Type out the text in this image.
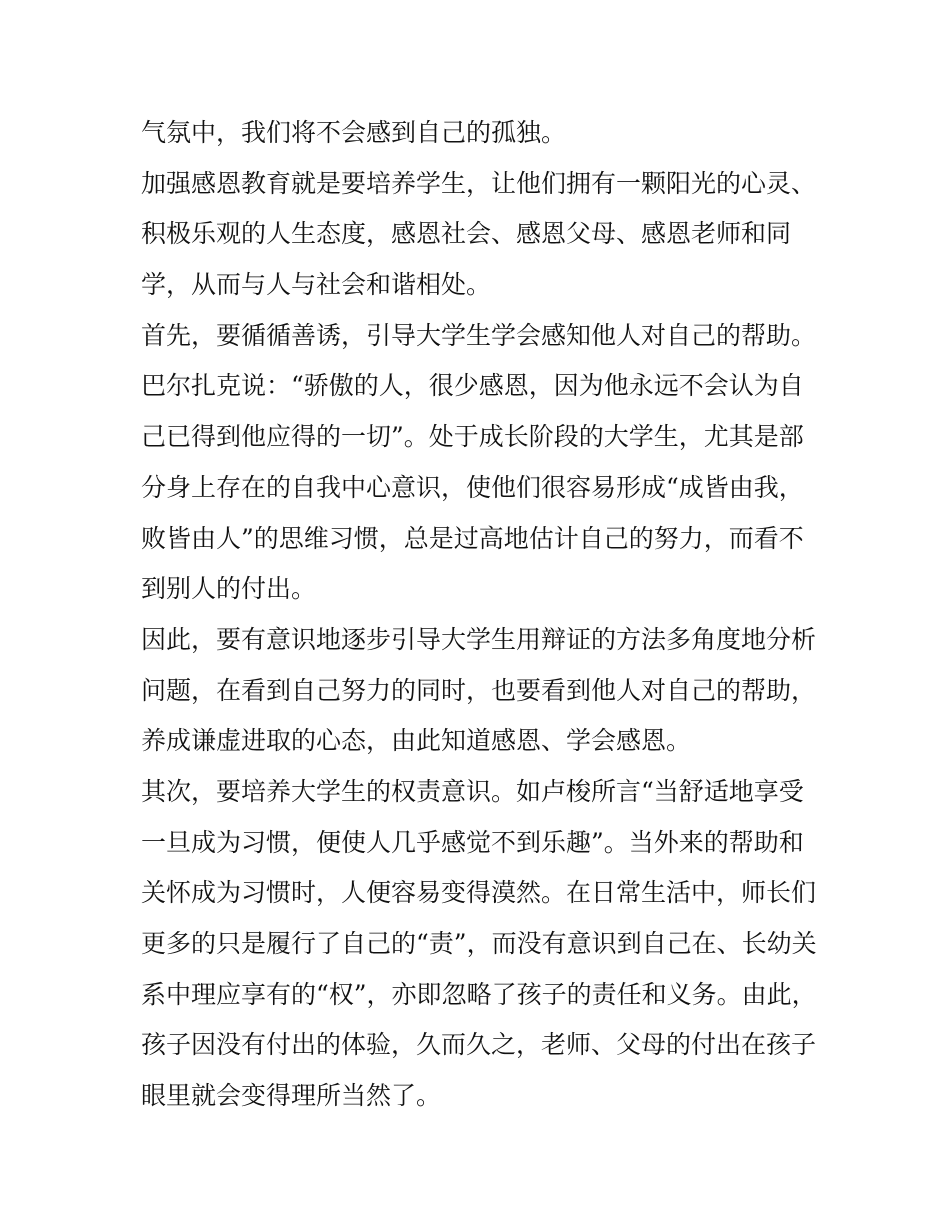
气氛中，我们将不会感到自己的孤独。
加强感恩教育就是要培养学生，让他们拥有一颗阳光的心灵、
积极乐观的人生态度，感恩社会、感恩父母、感恩老师和同
学，从而与人与社会和谐相处。
首先，要循循善诱，引导大学生学会感知他人对自己的帮助。
巴尔扎克说：“骄傲的人，很少感恩，因为他永远不会认为自
己已得到他应得的一切”。处于成长阶段的大学生，尤其是部
分身上存在的自我中心意识，使他们很容易形成“成皆由我，
败皆由人”的思维习惯，总是过高地估计自己的努力，而看不
到别人的付出。
因此，要有意识地逐步引导大学生用辩证的方法多角度地分析
问题，在看到自己努力的同时，也要看到他人对自己的帮助，
养成谦虚进取的心态，由此知道感恩、学会感恩。
其次，要培养大学生的权责意识。如卢梭所言“当舒适地享受
一旦成为习惯，便使人几乎感觉不到乐趣”。当外来的帮助和
关怀成为习惯时，人便容易变得漠然。在日常生活中，师长们
更多的只是履行了自己的“责”，而没有意识到自己在、长幼关
系中理应享有的“权”，亦即忽略了孩子的责任和义务。由此，
孩子因没有付出的体验，久而久之，老师、父母的付出在孩子
眼里就会变得理所当然了。
